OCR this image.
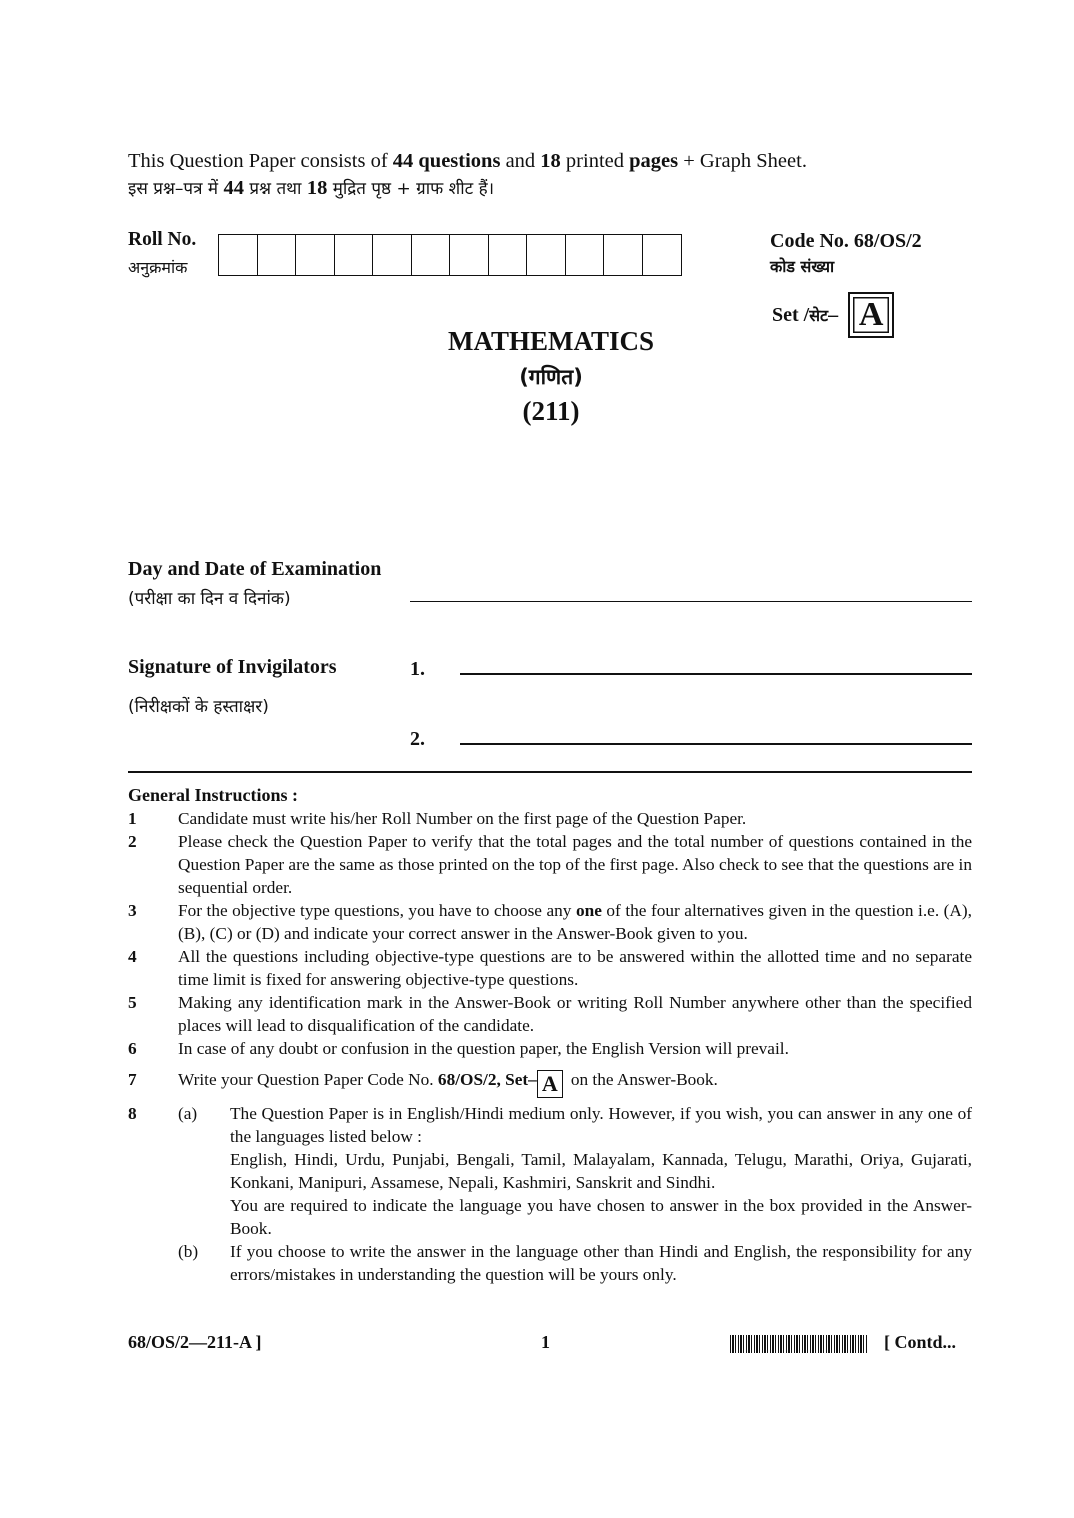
This Question Paper consists of 44 questions and 18 printed pages + Graph Sheet.
इस प्रश्न–पत्र में 44 प्रश्न तथा 18 मुद्रित पृष्ठ + ग्राफ शीट हैं।
Roll No.
अनुक्रमांक
Code No. 68/OS/2
कोड संख्या
Set / सेट – A
MATHEMATICS
(गणित)
(211)
Day and Date of Examination
(परीक्षा का दिन व दिनांक)
Signature of Invigilators
(निरीक्षकों के हस्ताक्षर)
1.
2.
General Instructions :
1	Candidate must write his/her Roll Number on the first page of the Question Paper.
2	Please check the Question Paper to verify that the total pages and the total number of questions contained in the Question Paper are the same as those printed on the top of the first page. Also check to see that the questions are in sequential order.
3	For the objective type questions, you have to choose any one of the four alternatives given in the question i.e. (A), (B), (C) or (D) and indicate your correct answer in the Answer-Book given to you.
4	All the questions including objective-type questions are to be answered within the allotted time and no separate time limit is fixed for answering objective-type questions.
5	Making any identification mark in the Answer-Book or writing Roll Number anywhere other than the specified places will lead to disqualification of the candidate.
6	In case of any doubt or confusion in the question paper, the English Version will prevail.
7	Write your Question Paper Code No. 68/OS/2, Set– A on the Answer-Book.
8	(a)	The Question Paper is in English/Hindi medium only. However, if you wish, you can answer in any one of the languages listed below :
English, Hindi, Urdu, Punjabi, Bengali, Tamil, Malayalam, Kannada, Telugu, Marathi, Oriya, Gujarati, Konkani, Manipuri, Assamese, Nepali, Kashmiri, Sanskrit and Sindhi.
You are required to indicate the language you have chosen to answer in the box provided in the Answer-Book.
(b)	If you choose to write the answer in the language other than Hindi and English, the responsibility for any errors/mistakes in understanding the question will be yours only.
68/OS/2—211-A ]	1	[ Contd...
